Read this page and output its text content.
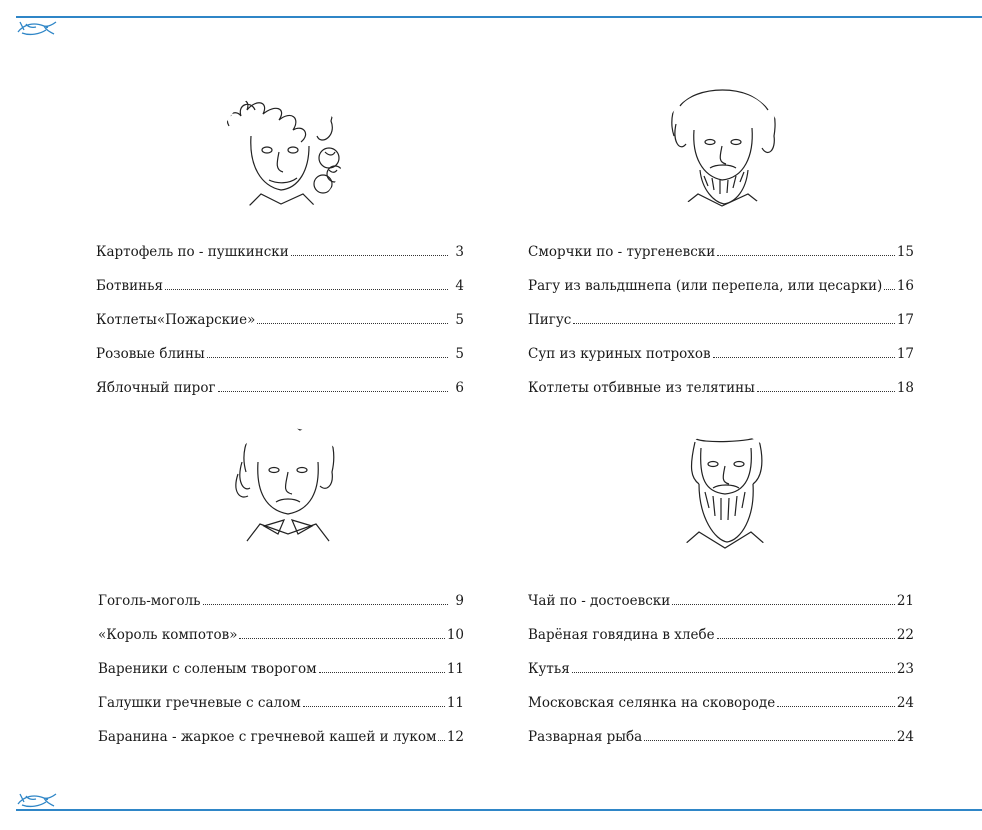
Картофель по - пушкински	3
Ботвинья	4
Котлеты«Пожарские»	5
Розовые блины	5
Яблочный пирог	6
Сморчки по - тургеневски	15
Рагу из вальдшнепа (или перепела, или цесарки) 16
Пигус	17
Суп из куриных потрохов	17
Котлеты отбивные из телятины	18
Гоголь-моголь	9
«Король компотов»	10
Вареники с соленым творогом	11
Галушки гречневые с салом	11
Баранина - жаркое с гречневой кашей и луком 12
Чай по - достоевски	21
Варёная говядина в хлебе	22
Кутья	23
Московская селянка на сковороде	24
Разварная рыба	24
